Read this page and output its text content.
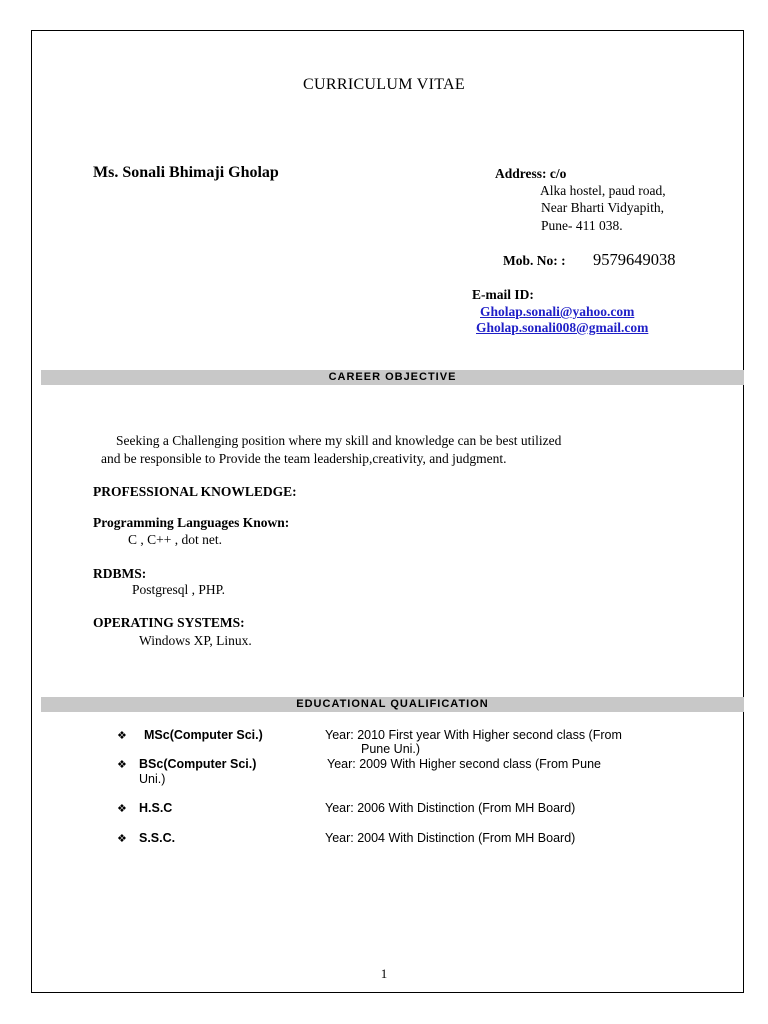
CURRICULUM VITAE
Ms. Sonali Bhimaji Gholap	Address: c/o
Alka hostel, paud road,
Near Bharti Vidyapith,
Pune- 411 038.
Mob. No: : 9579649038
E-mail ID:
Gholap.sonali@yahoo.com
Gholap.sonali008@gmail.com
CAREER OBJECTIVE
Seeking a Challenging position where my skill and knowledge can be best utilized
and be responsible to Provide the team leadership,creativity, and judgment.
PROFESSIONAL KNOWLEDGE:
Programming Languages Known:
C , C++ , dot net.
RDBMS:
Postgresql , PHP.
OPERATING SYSTEMS:
Windows XP, Linux.
EDUCATIONAL QUALIFICATION
❖ MSc(Computer Sci.)	Year: 2010 First year With Higher second class (From
Pune Uni.)
❖ BSc(Computer Sci.)	Year: 2009 With Higher second class (From Pune
Uni.)
❖ H.S.C	Year: 2006 With Distinction (From MH Board)
❖ S.S.C.	Year: 2004 With Distinction (From MH Board)
1
